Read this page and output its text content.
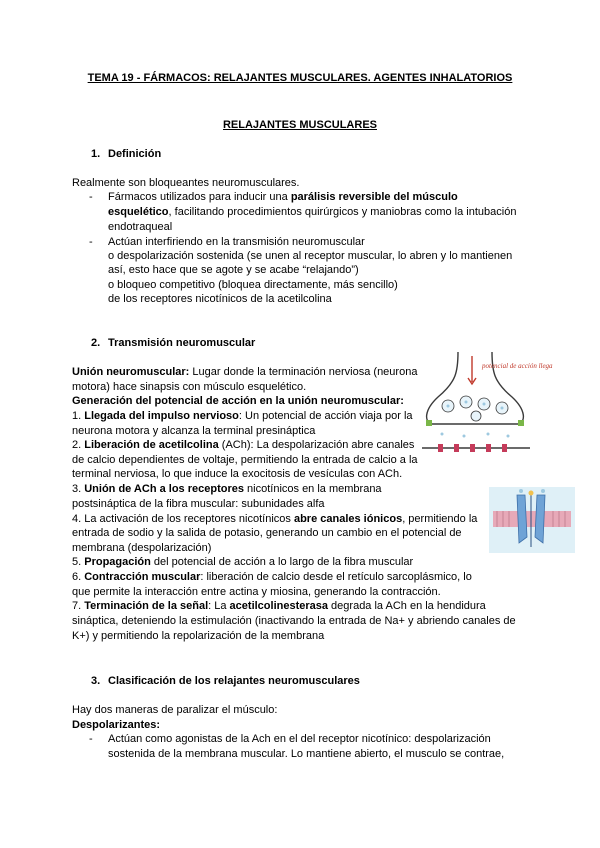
TEMA 19 - FÁRMACOS: RELAJANTES MUSCULARES. AGENTES INHALATORIOS
RELAJANTES MUSCULARES
1. Definición
Realmente son bloqueantes neuromusculares.
- Fármacos utilizados para inducir una parálisis reversible del músculo
esquelético, facilitando procedimientos quirúrgicos y maniobras como la intubación
endotraqueal
- Actúan interfiriendo en la transmisión neuromuscular
o despolarización sostenida (se unen al receptor muscular, lo abren y lo mantienen
así, esto hace que se agote y se acabe “relajando”)
o bloqueo competitivo (bloquea directamente, más sencillo)
de los receptores nicotínicos de la acetilcolina
2. Transmisión neuromuscular
Unión neuromuscular: Lugar donde la terminación nerviosa (neurona
motora) hace sinapsis con músculo esquelético.
Generación del potencial de acción en la unión neuromuscular:
1. Llegada del impulso nervioso: Un potencial de acción viaja por la
neurona motora y alcanza la terminal presináptica
2. Liberación de acetilcolina (ACh): La despolarización abre canales
de calcio dependientes de voltaje, permitiendo la entrada de calcio a la
terminal nerviosa, lo que induce la exocitosis de vesículas con ACh.
3. Unión de ACh a los receptores nicotínicos en la membrana
postsináptica de la fibra muscular: subunidades alfa
4. La activación de los receptores nicotínicos abre canales iónicos, permitiendo la
entrada de sodio y la salida de potasio, generando un cambio en el potencial de
membrana (despolarización)
5. Propagación del potencial de acción a lo largo de la fibra muscular
6. Contracción muscular: liberación de calcio desde el retículo sarcoplásmico, lo
que permite la interacción entre actina y miosina, generando la contracción.
7. Terminación de la señal: La acetilcolinesterasa degrada la ACh en la hendidura
sináptica, deteniendo la estimulación (inactivando la entrada de Na+ y abriendo canales de
K+) y permitiendo la repolarización de la membrana
potencial de acción llega
3. Clasificación de los relajantes neuromusculares
Hay dos maneras de paralizar el músculo:
Despolarizantes:
- Actúan como agonistas de la Ach en el del receptor nicotínico: despolarización
sostenida de la membrana muscular. Lo mantiene abierto, el musculo se contrae,
